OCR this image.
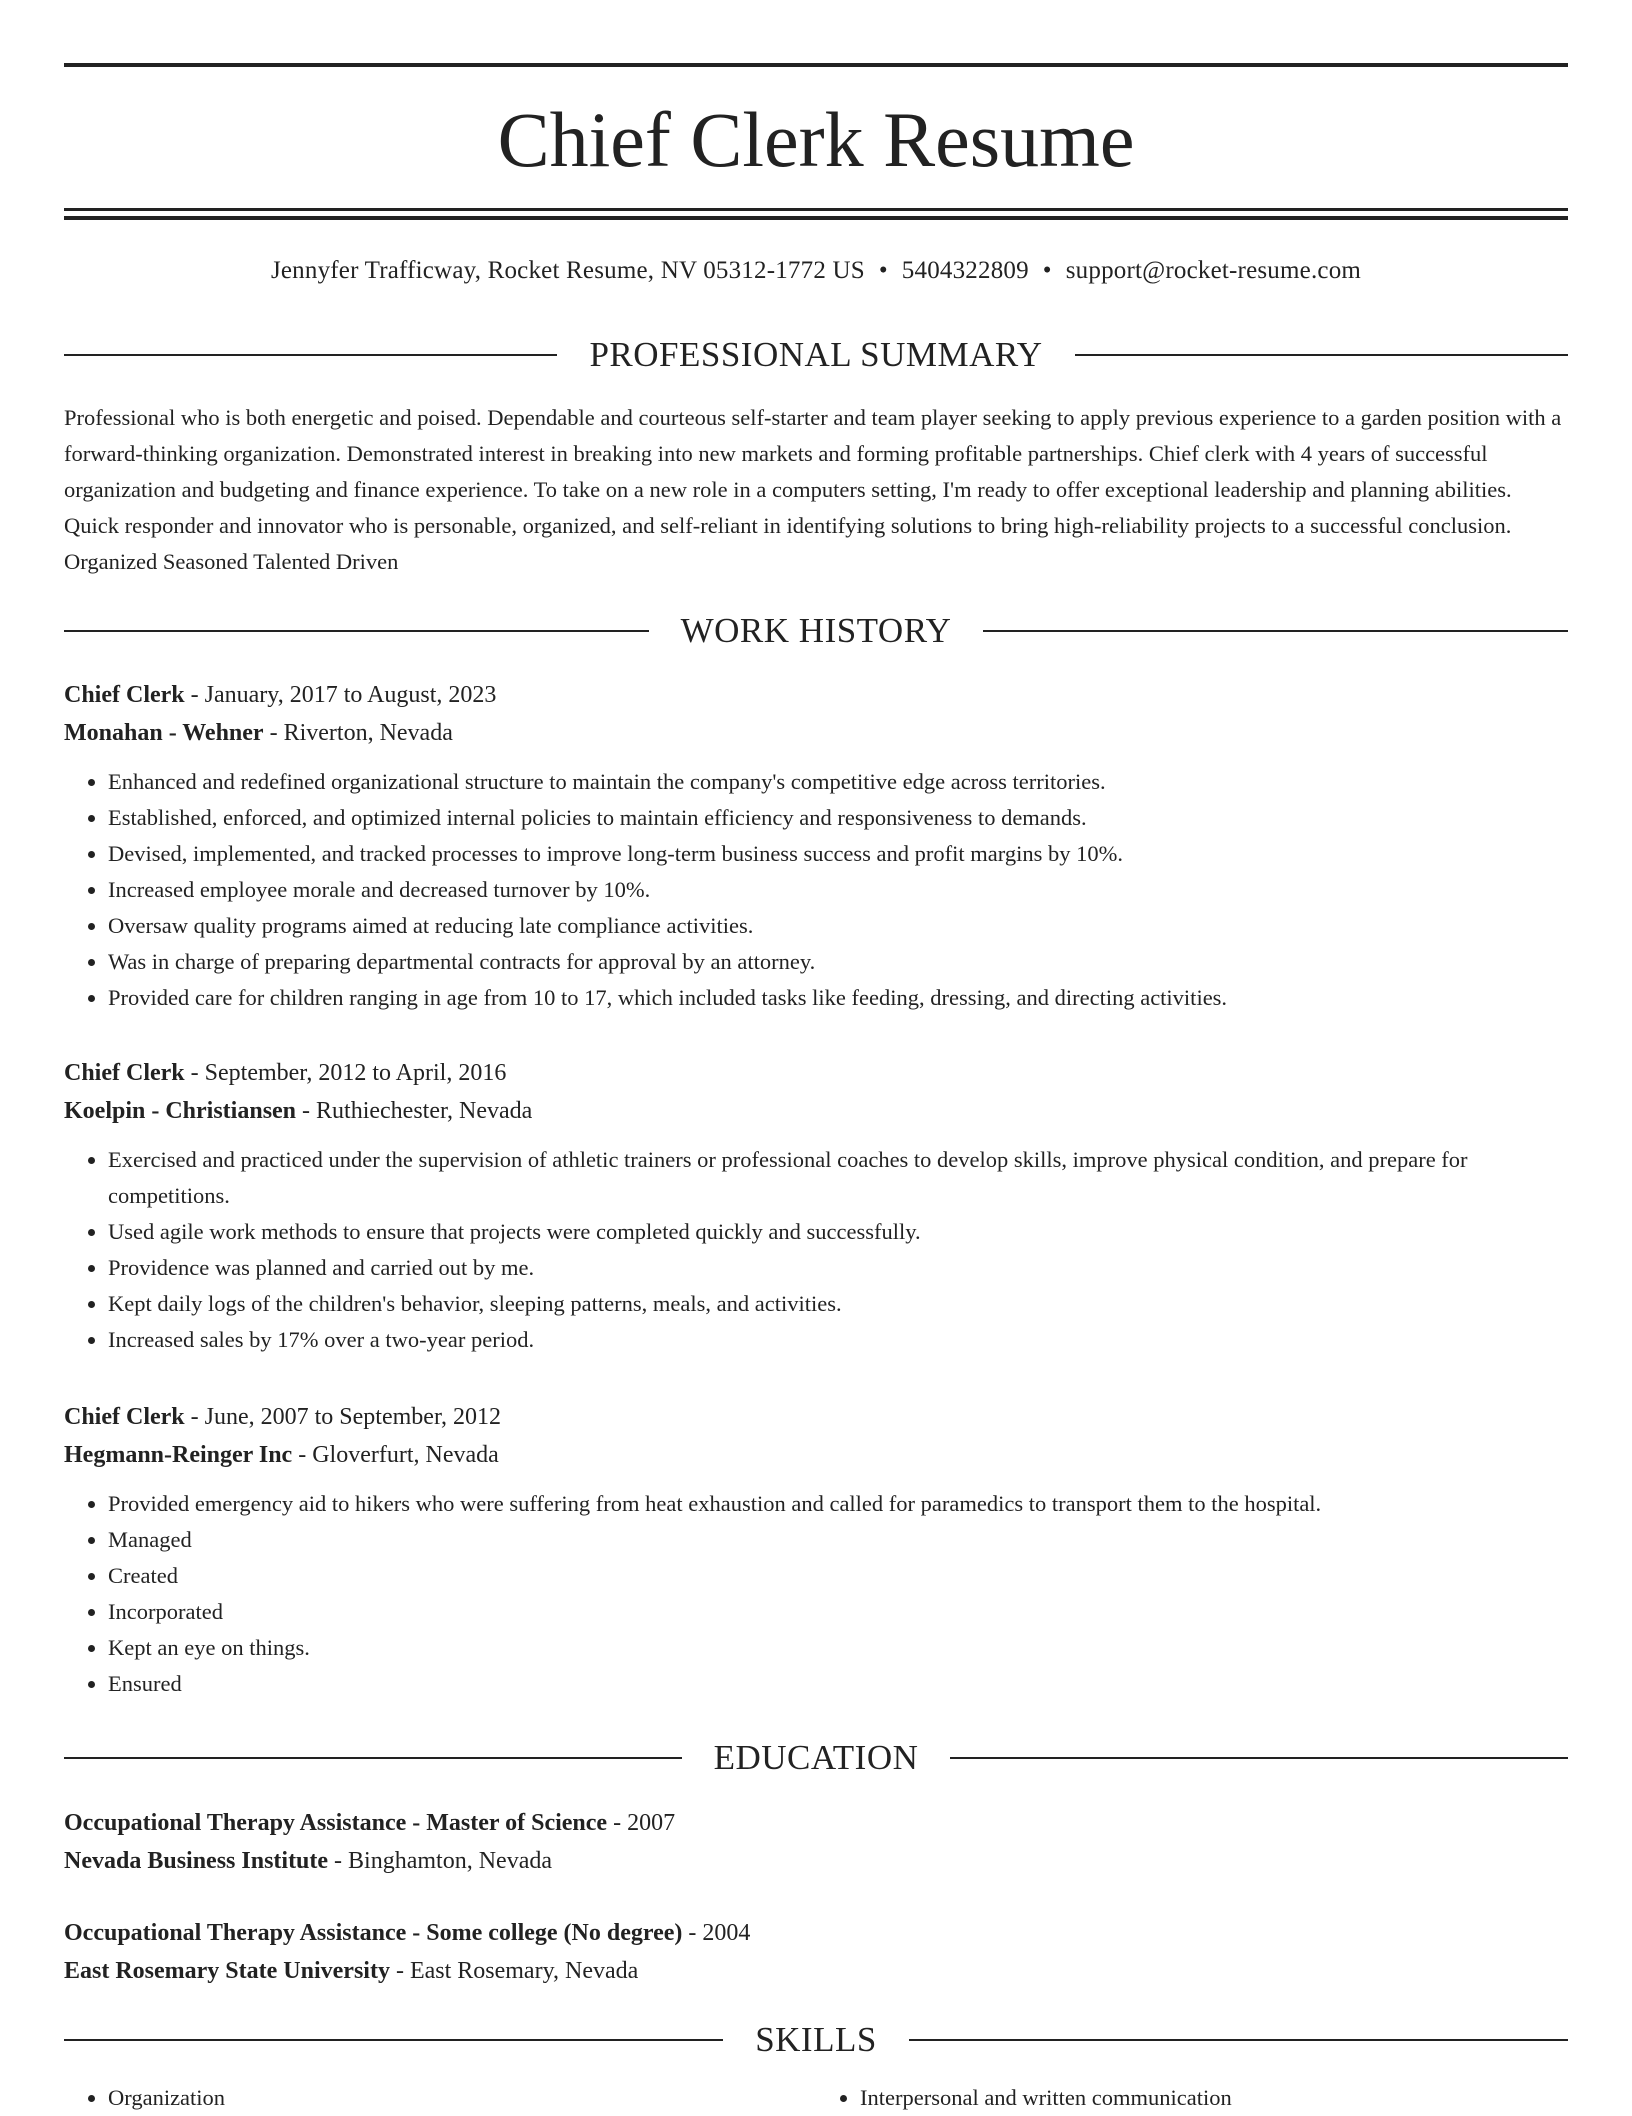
Chief Clerk Resume
Jennyfer Trafficway, Rocket Resume, NV 05312-1772 US • 5404322809 • support@rocket-resume.com
PROFESSIONAL SUMMARY

Professional who is both energetic and poised. Dependable and courteous self-starter and team player seeking to apply previous experience to a garden position with a forward-thinking organization. Demonstrated interest in breaking into new markets and forming profitable partnerships. Chief clerk with 4 years of successful organization and budgeting and finance experience. To take on a new role in a computers setting, I'm ready to offer exceptional leadership and planning abilities. Quick responder and innovator who is personable, organized, and self-reliant in identifying solutions to bring high-reliability projects to a successful conclusion. Organized Seasoned Talented Driven

WORK HISTORY
Chief Clerk - January, 2017 to August, 2023
Monahan - Wehner - Riverton, Nevada
• Enhanced and redefined organizational structure to maintain the company's competitive edge across territories.
• Established, enforced, and optimized internal policies to maintain efficiency and responsiveness to demands.
• Devised, implemented, and tracked processes to improve long-term business success and profit margins by 10%.
• Increased employee morale and decreased turnover by 10%.
• Oversaw quality programs aimed at reducing late compliance activities.
• Was in charge of preparing departmental contracts for approval by an attorney.
• Provided care for children ranging in age from 10 to 17, which included tasks like feeding, dressing, and directing activities.
Chief Clerk - September, 2012 to April, 2016
Koelpin - Christiansen - Ruthiechester, Nevada
• Exercised and practiced under the supervision of athletic trainers or professional coaches to develop skills, improve physical condition, and prepare for competitions.
• Used agile work methods to ensure that projects were completed quickly and successfully.
• Providence was planned and carried out by me.
• Kept daily logs of the children's behavior, sleeping patterns, meals, and activities.
• Increased sales by 17% over a two-year period.
Chief Clerk - June, 2007 to September, 2012
Hegmann-Reinger Inc - Gloverfurt, Nevada
• Provided emergency aid to hikers who were suffering from heat exhaustion and called for paramedics to transport them to the hospital.
• Managed
• Created
• Incorporated
• Kept an eye on things.
• Ensured
EDUCATION
Occupational Therapy Assistance - Master of Science - 2007
Nevada Business Institute - Binghamton, Nevada
Occupational Therapy Assistance - Some college (No degree) - 2004
East Rosemary State University - East Rosemary, Nevada
SKILLS
• Organization
•	Interpersonal and written communication
